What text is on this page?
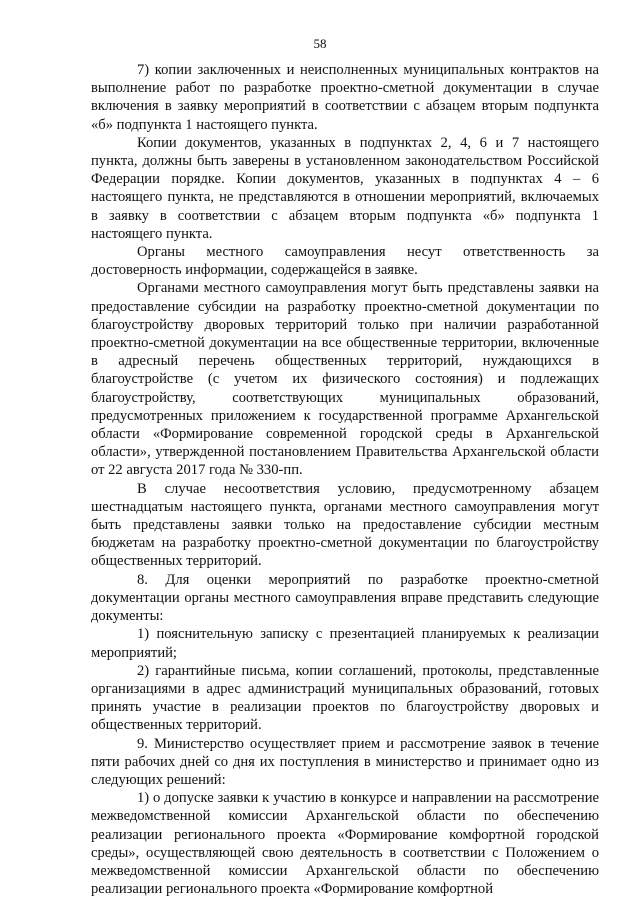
58

7) копии заключенных и неисполненных муниципальных контрактов на выполнение работ по разработке проектно-сметной документации в случае включения в заявку мероприятий в соответствии с абзацем вторым подпункта «б» подпункта 1 настоящего пункта.

Копии документов, указанных в подпунктах 2, 4, 6 и 7 настоящего пункта, должны быть заверены в установленном законодательством Российской Федерации порядке. Копии документов, указанных в подпунктах 4 – 6 настоящего пункта, не представляются в отношении мероприятий, включаемых в заявку в соответствии с абзацем вторым подпункта «б» подпункта 1 настоящего пункта.

Органы местного самоуправления несут ответственность за достоверность информации, содержащейся в заявке.

Органами местного самоуправления могут быть представлены заявки на предоставление субсидии на разработку проектно-сметной документации по благоустройству дворовых территорий только при наличии разработанной проектно-сметной документации на все общественные территории, включенные в адресный перечень общественных территорий, нуждающихся в благоустройстве (с учетом их физического состояния) и подлежащих благоустройству, соответствующих муниципальных образований, предусмотренных приложением к государственной программе Архангельской области «Формирование современной городской среды в Архангельской области», утвержденной постановлением Правительства Архангельской области от 22 августа 2017 года № 330-пп.

В случае несоответствия условию, предусмотренному абзацем шестнадцатым настоящего пункта, органами местного самоуправления могут быть представлены заявки только на предоставление субсидии местным бюджетам на разработку проектно-сметной документации по благоустройству общественных территорий.

8. Для оценки мероприятий по разработке проектно-сметной документации органы местного самоуправления вправе представить следующие документы:

1) пояснительную записку с презентацией планируемых к реализации мероприятий;

2) гарантийные письма, копии соглашений, протоколы, представленные организациями в адрес администраций муниципальных образований, готовых принять участие в реализации проектов по благоустройству дворовых и общественных территорий.

9. Министерство осуществляет прием и рассмотрение заявок в течение пяти рабочих дней со дня их поступления в министерство и принимает одно из следующих решений:

1) о допуске заявки к участию в конкурсе и направлении на рассмотрение межведомственной комиссии Архангельской области по обеспечению реализации регионального проекта «Формирование комфортной городской среды», осуществляющей свою деятельность в соответствии с Положением о межведомственной комиссии Архангельской области по обеспечению реализации регионального проекта «Формирование комфортной
